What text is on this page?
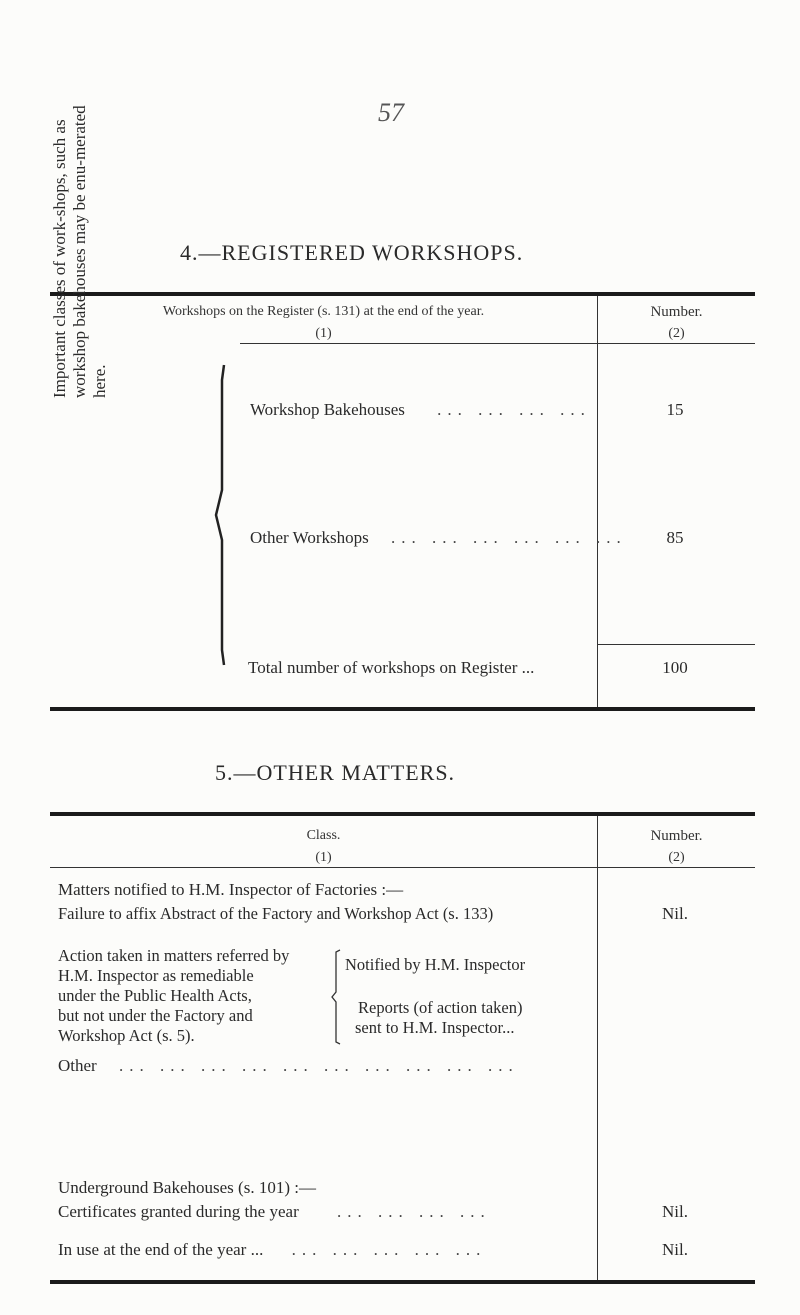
57
4.—REGISTERED WORKSHOPS.
Workshops on the Register (s. 131) at the end of the year.
(1)
Number.
(2)
Important classes of work-shops, such as workshop bakehouses may be enu-merated here.
Workshop Bakehouses ... ... ... ...	15
Other Workshops ... ... ... ... ... ...	85
Total number of workshops on Register ...	100
5.—OTHER MATTERS.
Class.
(1)
Number.
(2)
Matters notified to H.M. Inspector of Factories :—
Failure to affix Abstract of the Factory and Workshop Act (s. 133)	Nil.
Action taken in matters referred by
H.M. Inspector as remediable
under the Public Health Acts,
but not under the Factory and
Workshop Act (s. 5).
Notified by H.M. Inspector
Reports (of action taken)
sent to H.M. Inspector...
Other ... ... ... ... ... ... ... ... ... ...
Underground Bakehouses (s. 101) :—
Certificates granted during the year ... ... ... ...	Nil.
In use at the end of the year ... ... ... ... ... ...	Nil.
